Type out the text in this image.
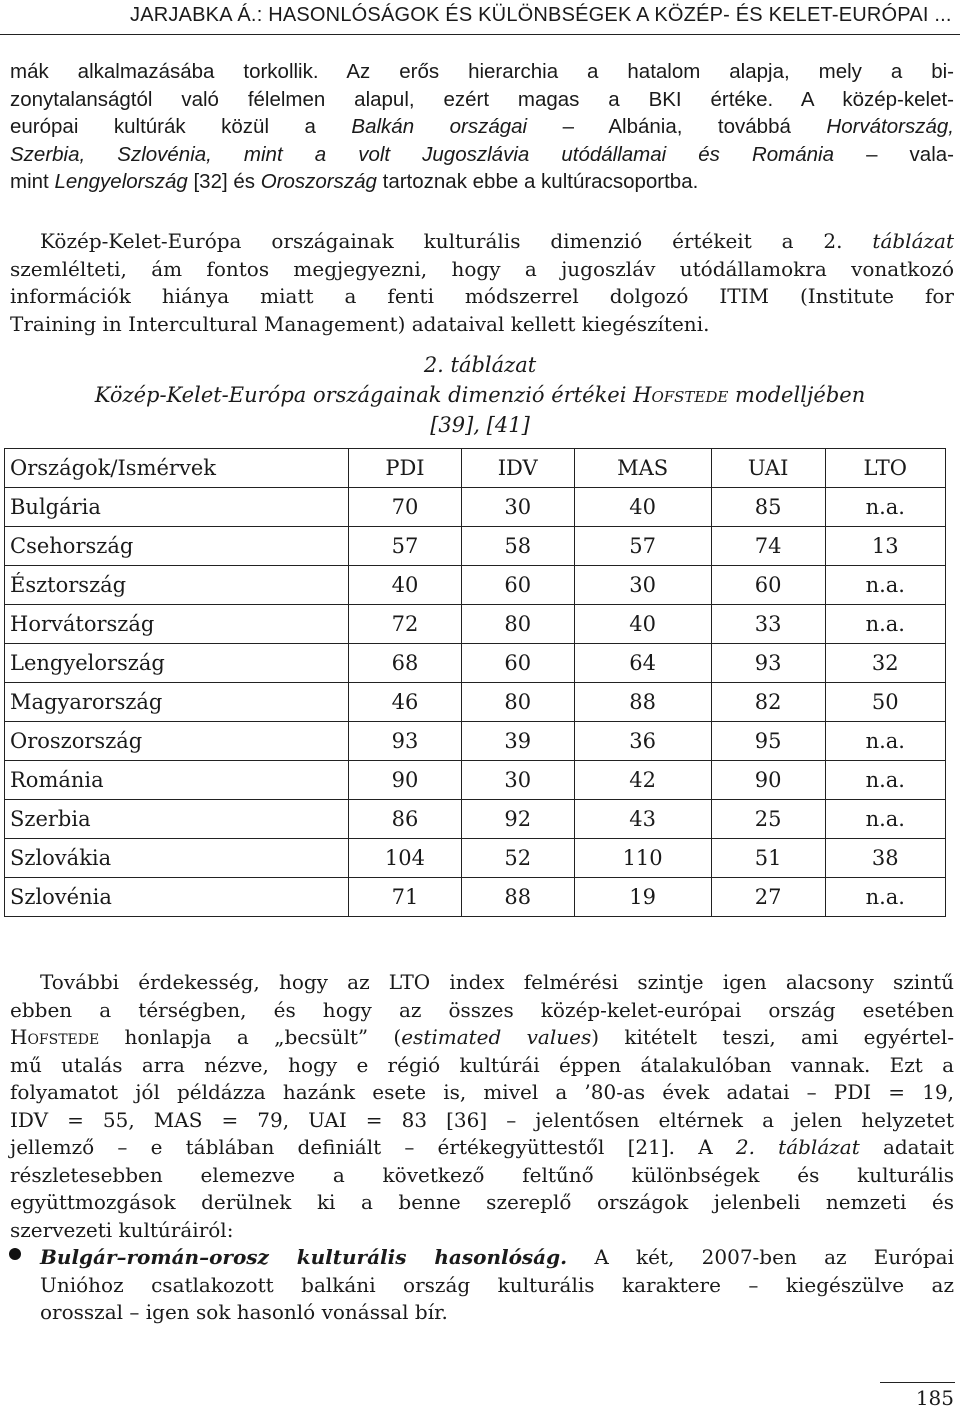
JARJABKA Á.: HASONLÓSÁGOK ÉS KÜLÖNBSÉGEK A KÖZÉP- ÉS KELET-EURÓPAI ...
mák alkalmazásába torkollik. Az erős hierarchia a hatalom alapja, mely a bi-
zonytalanságtól való félelmen alapul, ezért magas a BKI értéke. A közép-kelet-
európai kultúrák közül a Balkán országai – Albánia, továbbá Horvátország,
Szerbia, Szlovénia, mint a volt Jugoszlávia utódállamai és Románia – vala-
mint Lengyelország [32] és Oroszország tartoznak ebbe a kultúracsoportba.
Közép-Kelet-Európa országainak kulturális dimenzió értékeit a 2. táblázat
szemlélteti, ám fontos megjegyezni, hogy a jugoszláv utódállamokra vonatkozó
információk hiánya miatt a fenti módszerrel dolgozó ITIM (Institute for
Training in Intercultural Management) adataival kellett kiegészíteni.
2. táblázat
Közép-Kelet-Európa országainak dimenzió értékei Hofstede modelljében
[39], [41]
Országok/Ismérvek	PDI	IDV	MAS	UAI	LTO
Bulgária	70	30	40	85	n.a.
Csehország	57	58	57	74	13
Észtország	40	60	30	60	n.a.
Horvátország	72	80	40	33	n.a.
Lengyelország	68	60	64	93	32
Magyarország	46	80	88	82	50
Oroszország	93	39	36	95	n.a.
Románia	90	30	42	90	n.a.
Szerbia	86	92	43	25	n.a.
Szlovákia	104	52	110	51	38
Szlovénia	71	88	19	27	n.a.
További érdekesség, hogy az LTO index felmérési szintje igen alacsony szintű
ebben a térségben, és hogy az összes közép-kelet-európai ország esetében
Hofstede honlapja a „becsült” (estimated values) kitételt teszi, ami egyértel-
mű utalás arra nézve, hogy e régió kultúrái éppen átalakulóban vannak. Ezt a
folyamatot jól példázza hazánk esete is, mivel a ’80-as évek adatai – PDI = 19,
IDV = 55, MAS = 79, UAI = 83 [36] – jelentősen eltérnek a jelen helyzetet
jellemző – e táblában definiált – értékegyüttestől [21]. A 2. táblázat adatait
részletesebben elemezve a következő feltűnő különbségek és kulturális
együttmozgások derülnek ki a benne szereplő országok jelenbeli nemzeti és
szervezeti kultúráiról:
Bulgár–román–orosz kulturális hasonlóság. A két, 2007-ben az Európai
Unióhoz csatlakozott balkáni ország kulturális karaktere – kiegészülve az
orosszal – igen sok hasonló vonással bír.
185
